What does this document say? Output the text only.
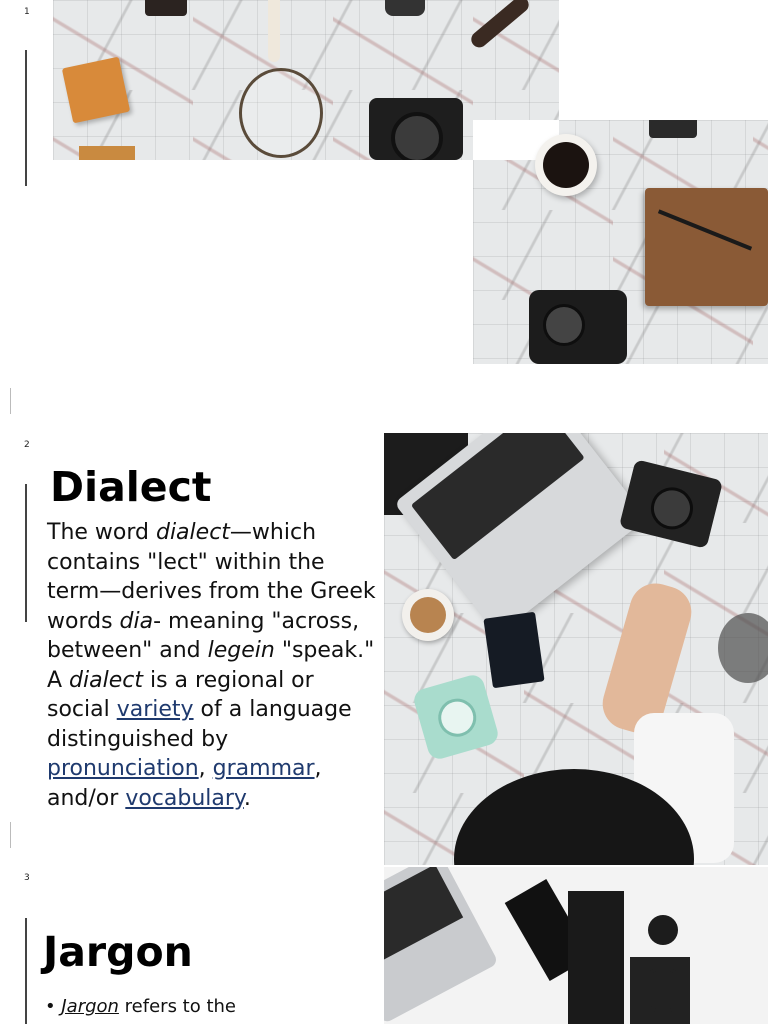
1
2
Dialect
The word dialect—which contains "lect" within the term—derives from the Greek words dia- meaning "across, between" and legein "speak." A dialect is a regional or social variety of a language distinguished by pronunciation, grammar, and/or vocabulary.
3
Jargon
• Jargon refers to the
